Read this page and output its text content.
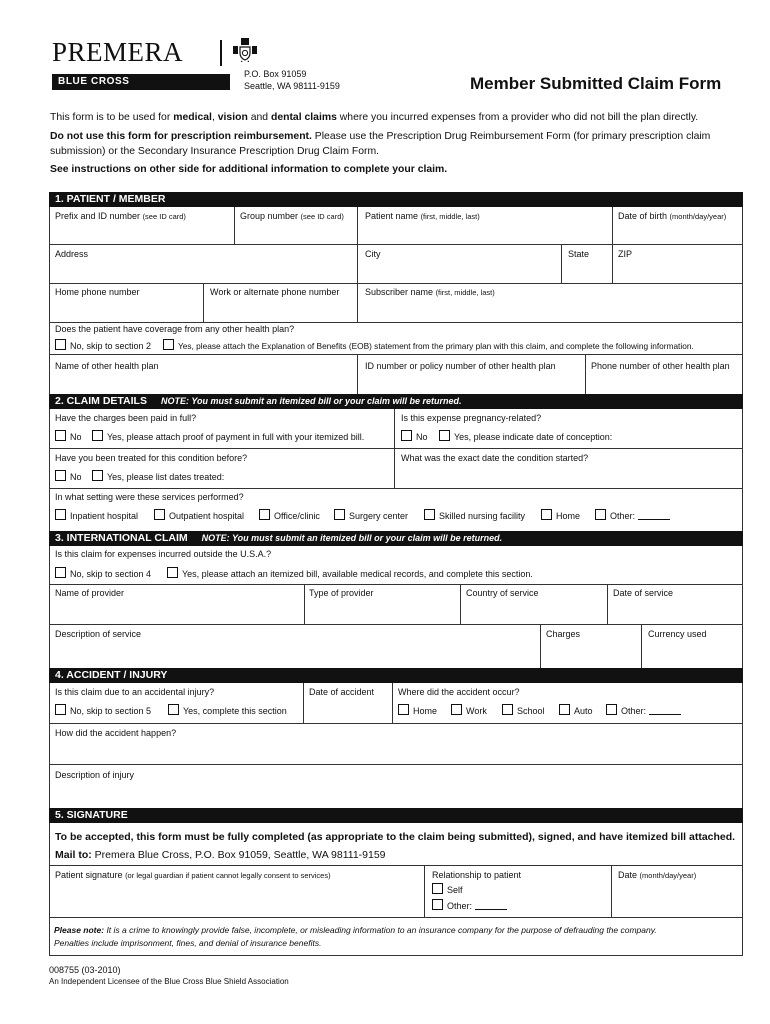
PREMERA
BLUE CROSS
P.O. Box 91059
Seattle, WA 98111-9159	Member Submitted Claim Form
This form is to be used for medical, vision and dental claims where you incurred expenses from a provider who did not bill the plan directly.
Do not use this form for prescription reimbursement. Please use the Prescription Drug Reimbursement Form (for primary prescription claim
submission) or the Secondary Insurance Prescription Drug Claim Form.
See instructions on other side for additional information to complete your claim.
1. PATIENT / MEMBER
Prefix and ID number (see ID card)	Group number (see ID card) Patient name (first, middle, last)	Date of birth (month/day/year)
Address	City	State	ZIP
Home phone number	Work or alternate phone number	Subscriber name (first, middle, last)
Does the patient have coverage from any other health plan?
No, skip to section 2	Yes, please attach the Explanation of Benefits (EOB) statement from the primary plan with this claim, and complete the following information.
Name of other health plan	ID number or policy number of other health plan	Phone number of other health plan
2. CLAIM DETAILS NOTE: You must submit an itemized bill or your claim will be returned.
Have the charges been paid in full?
No	Yes, please attach proof of payment in full with your itemized bill.
Is this expense pregnancy-related?
No	Yes, please indicate date of conception:
Have you been treated for this condition before?
No	Yes, please list dates treated:
What was the exact date the condition started?
In what setting were these services performed?
Inpatient hospital	Outpatient hospital	Office/clinic	Surgery center	Skilled nursing facility	Home	Other:
3. INTERNATIONAL CLAIM NOTE: You must submit an itemized bill or your claim will be returned.
Is this claim for expenses incurred outside the U.S.A.?
No, skip to section 4	Yes, please attach an itemized bill, available medical records, and complete this section.
Name of provider	Type of provider	Country of service	Date of service
Description of service	Charges	Currency used
4. ACCIDENT / INJURY
Is this claim due to an accidental injury?
No, skip to section 5	Yes, complete this section
Date of accident	Where did the accident occur?
Home	Work	School	Auto	Other:
How did the accident happen?
Description of injury
5. SIGNATURE
To be accepted, this form must be fully completed (as appropriate to the claim being submitted), signed, and have itemized bill attached.
Mail to: Premera Blue Cross, P.O. Box 91059, Seattle, WA 98111-9159
Patient signature (or legal guardian if patient cannot legally consent to services)	Relationship to patient
Self
Other:
Date (month/day/year)
Please note: It is a crime to knowingly provide false, incomplete, or misleading information to an insurance company for the purpose of defrauding the company.
Penalties include imprisonment, fines, and denial of insurance benefits.
008755 (03-2010)
An Independent Licensee of the Blue Cross Blue Shield Association
